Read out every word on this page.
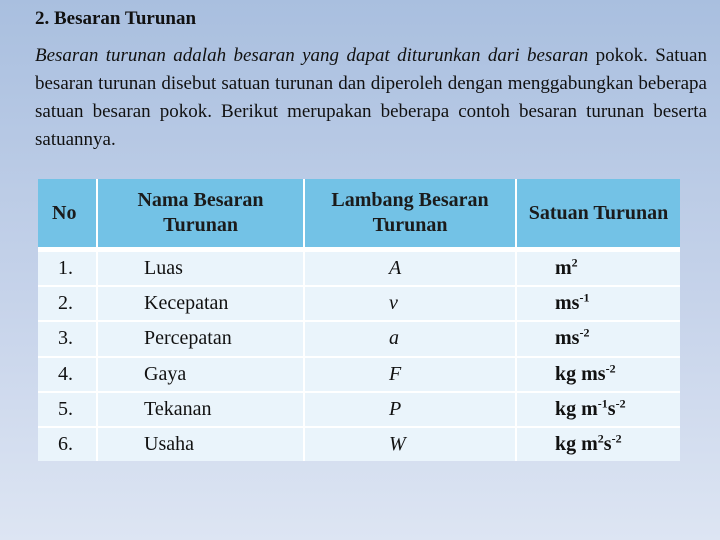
2. Besaran Turunan

Besaran turunan adalah besaran yang dapat diturunkan dari besaran pokok. Satuan besaran turunan disebut satuan turunan dan diperoleh dengan menggabungkan beberapa satuan besaran pokok. Berikut merupakan beberapa contoh besaran turunan beserta satuannya.

No	Nama Besaran Turunan	Lambang Besaran Turunan	Satuan Turunan
1.	Luas	A	$m^2$
2.	Kecepatan	v	$ms^{-1}$
3.	Percepatan	a	$ms^{-2}$
4.	Gaya	F	kg $ms^{-2}$
5.	Tekanan	P	kg $m^{-1}s^{-2}$
6.	Usaha	W	kg $m^2s^{-2}$
